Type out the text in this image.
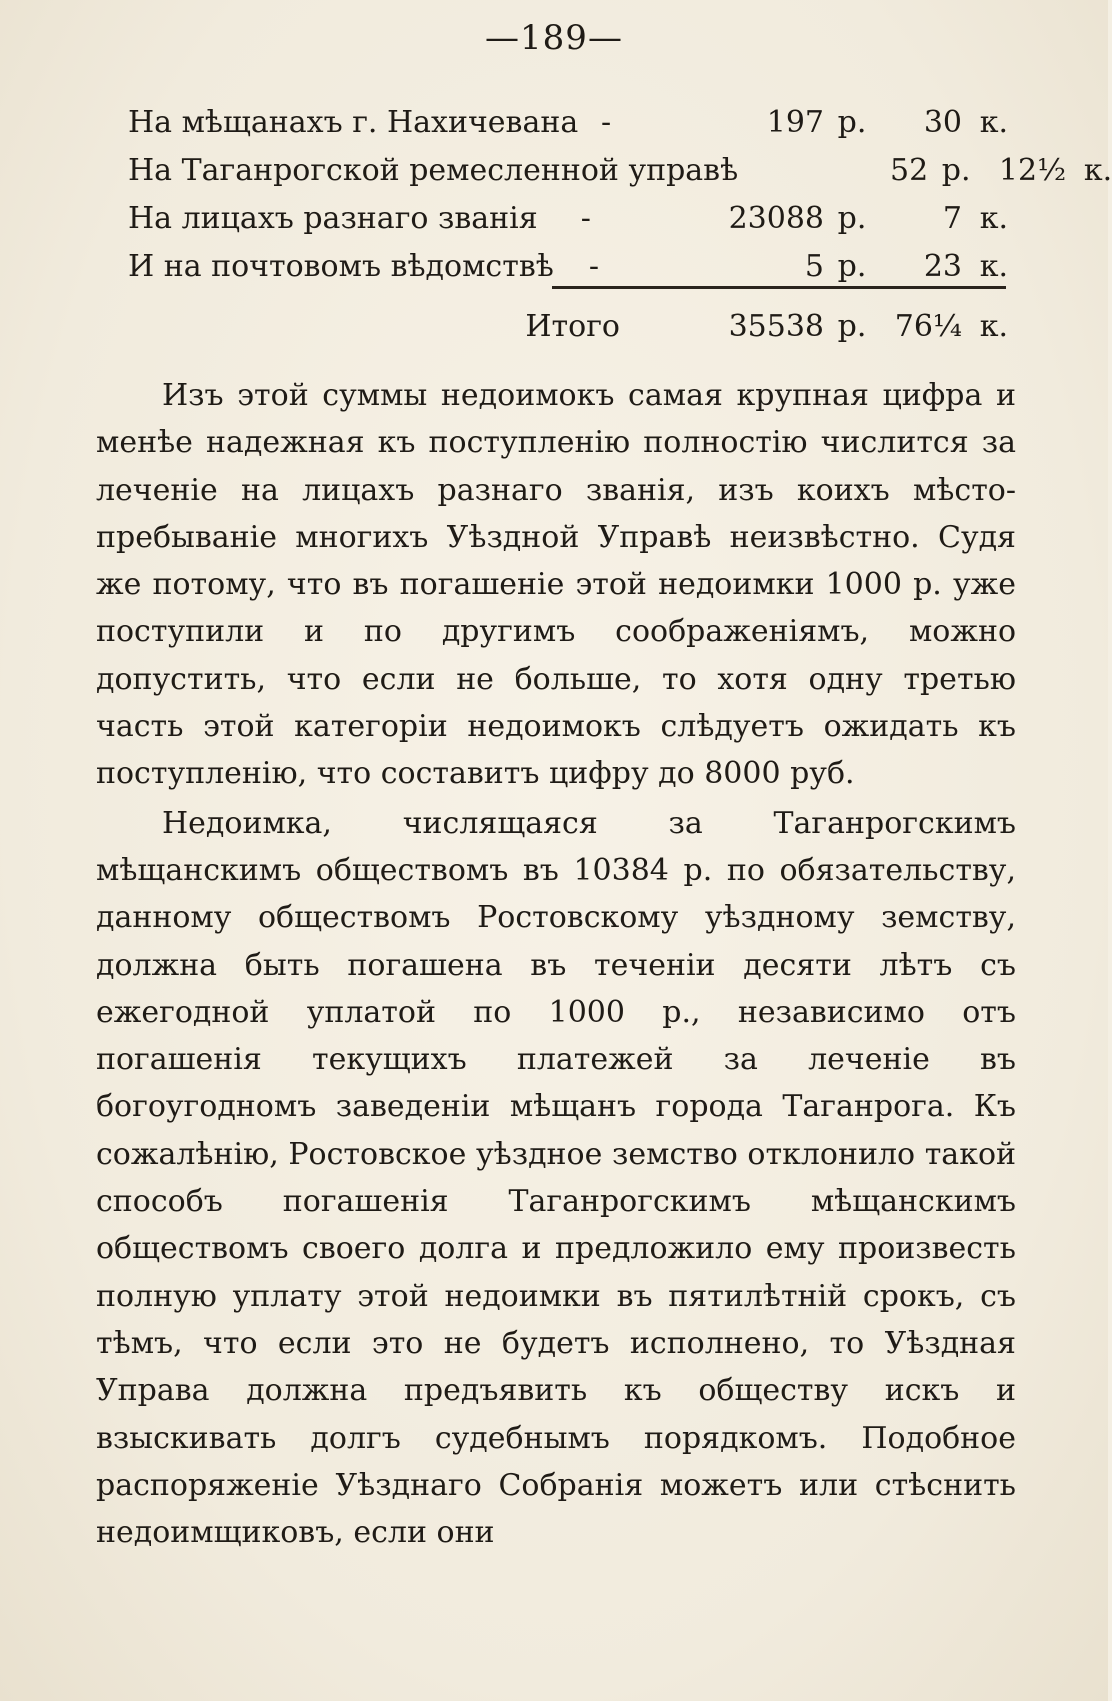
—189—
На мѣщанахъ г. Нахичевана -	197 р.	30 к.
На Таганрогской ремесленной управѣ	52 р. 12½ к.
На лицахъ разнаго званія	-	23088 р.	7 к.
И на почтовомъ вѣдомствѣ	-	5 р.	23 к.
Итого	35538 р. 76¼ к.

Изъ этой суммы недоимокъ самая крупная цифра и менѣе надежная къ поступленію полностію числится за леченіе на лицахъ разнаго званія, изъ коихъ мѣсто-пребываніе многихъ Уѣздной Управѣ неизвѣстно. Судя же потому, что въ погашеніе этой недоимки 1000 р. уже поступили и по другимъ соображеніямъ, можно допустить, что если не больше, то хотя одну третью часть этой категоріи недоимокъ слѣдуетъ ожидать къ поступленію, что составитъ цифру до 8000 руб.

Недоимка, числящаяся за Таганрогскимъ мѣщанскимъ обществомъ въ 10384 р. по обязательству, данному обществомъ Ростовскому уѣздному земству, должна быть погашена въ теченіи десяти лѣтъ съ ежегодной уплатой по 1000 р., независимо отъ погашенія текущихъ платежей за леченіе въ богоугодномъ заведеніи мѣщанъ города Таганрога. Къ сожалѣнію, Ростовское уѣздное земство отклонило такой способъ погашенія Таганрогскимъ мѣщанскимъ обществомъ своего долга и предложило ему произвесть полную уплату этой недоимки въ пятилѣтній срокъ, съ тѣмъ, что если это не будетъ исполнено, то Уѣздная Управа должна предъявить къ обществу искъ и взыскивать долгъ судебнымъ порядкомъ. Подобное распоряженіе Уѣзднаго Собранія можетъ или стѣснить недоимщиковъ, если они
